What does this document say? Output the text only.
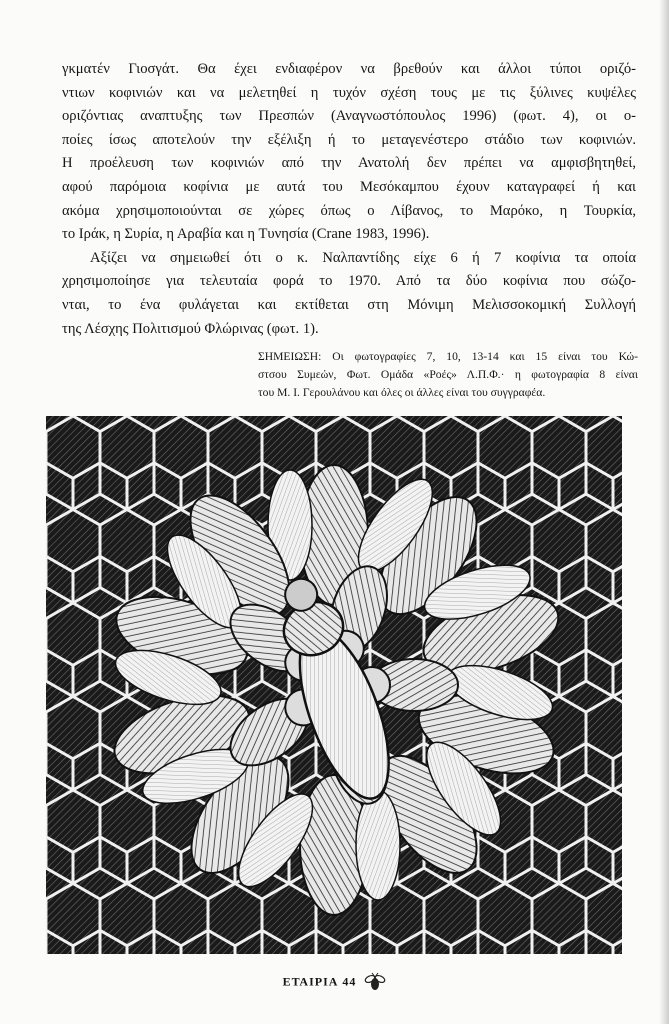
γκματέν Γιοσγάτ. Θα έχει ενδιαφέρον να βρεθούν και άλλοι τύποι οριζό-
ντιων κοφινιών και να μελετηθεί η τυχόν σχέση τους με τις ξύλινες κυψέλες
οριζόντιας αναπτυξης των Πρεσπών (Αναγνωστόπουλος 1996) (φωτ. 4), οι ο-
ποίες ίσως αποτελούν την εξέλιξη ή το μεταγενέστερο στάδιο των κοφινιών.
Η προέλευση των κοφινιών από την Ανατολή δεν πρέπει να αμφισβητηθεί,
αφού παρόμοια κοφίνια με αυτά του Μεσόκαμπου έχουν καταγραφεί ή και
ακόμα χρησιμοποιούνται σε χώρες όπως ο Λίβανος, το Μαρόκο, η Τουρκία,
το Ιράκ, η Συρία, η Αραβία και η Τυνησία (Crane 1983, 1996).

Αξίζει να σημειωθεί ότι ο κ. Ναλπαντίδης είχε 6 ή 7 κοφίνια τα οποία
χρησιμοποίησε για τελευταία φορά το 1970. Από τα δύο κοφίνια που σώζο-
νται, το ένα φυλάγεται και εκτίθεται στη Μόνιμη Μελισσοκομική Συλλογή
της Λέσχης Πολιτισμού Φλώρινας (φωτ. 1).

ΣΗΜΕΙΩΣΗ: Οι φωτογραφίες 7, 10, 13-14 και 15 είναι του Κώ-
στσου Συμεών, Φωτ. Ομάδα «Ροές» Λ.Π.Φ.· η φωτογραφία 8 είναι
του Μ. Ι. Γερουλάνου και όλες οι άλλες είναι του συγγραφέα.
ΕΤΑΙΡΙΑ 44
